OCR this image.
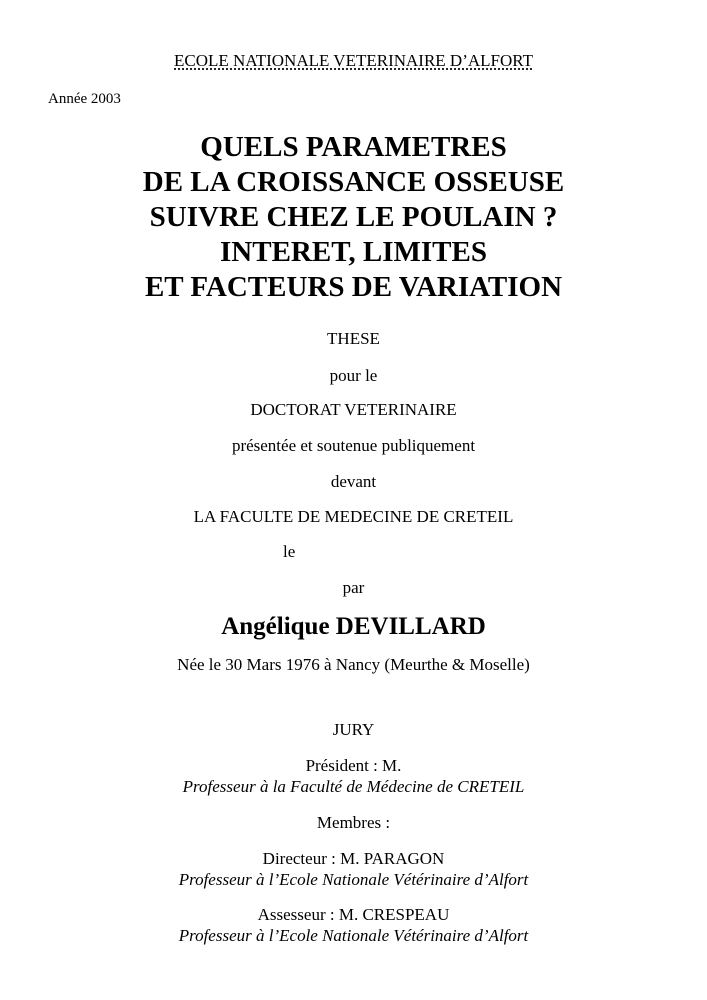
ECOLE NATIONALE VETERINAIRE D’ALFORT
Année 2003
QUELS PARAMETRES
DE LA CROISSANCE OSSEUSE
SUIVRE CHEZ LE POULAIN ?
INTERET, LIMITES
ET FACTEURS DE VARIATION
THESE
pour le
DOCTORAT VETERINAIRE
présentée et soutenue publiquement
devant
LA FACULTE DE MEDECINE DE CRETEIL
le
par
Angélique DEVILLARD
Née le 30 Mars 1976 à Nancy (Meurthe & Moselle)
JURY
Président : M.
Professeur à la Faculté de Médecine de CRETEIL
Membres :
Directeur : M. PARAGON
Professeur à l’Ecole Nationale Vétérinaire d’Alfort
Assesseur : M. CRESPEAU
Professeur à l’Ecole Nationale Vétérinaire d’Alfort
